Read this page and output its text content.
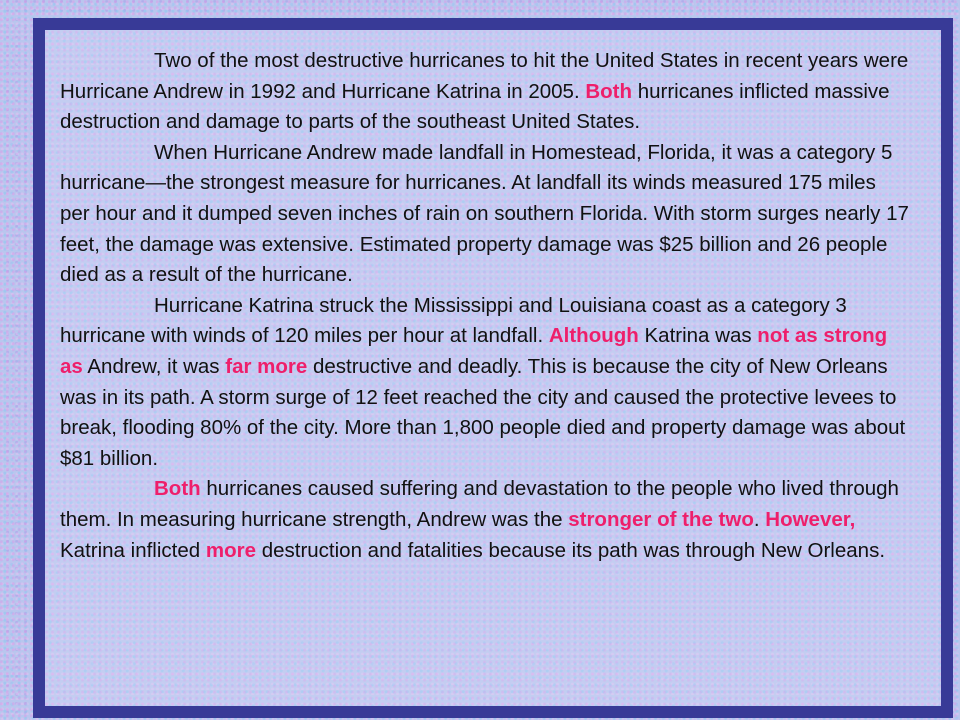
Two of the most destructive hurricanes to hit the United States in recent years were Hurricane Andrew in 1992 and Hurricane Katrina in 2005. Both hurricanes inflicted massive destruction and damage to parts of the southeast United States.

When Hurricane Andrew made landfall in Homestead, Florida, it was a category 5 hurricane—the strongest measure for hurricanes. At landfall its winds measured 175 miles per hour and it dumped seven inches of rain on southern Florida. With storm surges nearly 17 feet, the damage was extensive. Estimated property damage was $25 billion and 26 people died as a result of the hurricane.

Hurricane Katrina struck the Mississippi and Louisiana coast as a category 3 hurricane with winds of 120 miles per hour at landfall. Although Katrina was not as strong as Andrew, it was far more destructive and deadly. This is because the city of New Orleans was in its path. A storm surge of 12 feet reached the city and caused the protective levees to break, flooding 80% of the city. More than 1,800 people died and property damage was about $81 billion.

Both hurricanes caused suffering and devastation to the people who lived through them. In measuring hurricane strength, Andrew was the stronger of the two. However, Katrina inflicted more destruction and fatalities because its path was through New Orleans.
